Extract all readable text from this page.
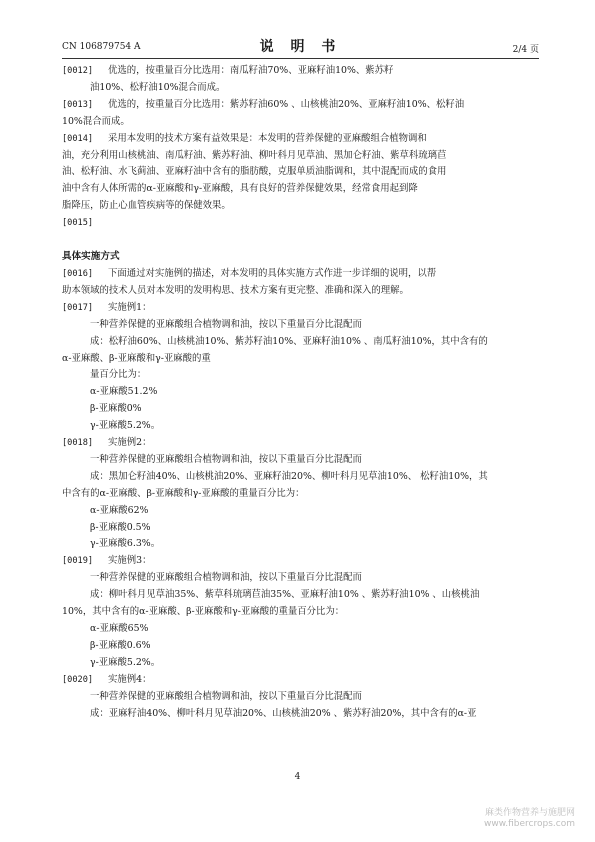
CN 106879754 A	说 明 书	2/4 页
[0012] 优选的，按重量百分比选用：南瓜籽油70%、亚麻籽油10%、紫苏籽
油10%、松籽油10%混合而成。
[0013] 优选的，按重量百分比选用：紫苏籽油60% 、山核桃油20%、亚麻籽油10%、松籽油
10%混合而成。
[0014] 采用本发明的技术方案有益效果是：本发明的营养保健的亚麻酸组合植物调和
油，充分利用山核桃油、南瓜籽油、紫苏籽油、柳叶科月见草油、黑加仑籽油、紫草科琉璃苣
油、松籽油、水飞蓟油、亚麻籽油中含有的脂肪酸，克服单质油脂调和，其中混配而成的食用
油中含有人体所需的α-亚麻酸和γ-亚麻酸，具有良好的营养保健效果，经常食用起到降
脂降压，防止心血管疾病等的保健效果。
[0015]
具体实施方式
[0016] 下面通过对实施例的描述，对本发明的具体实施方式作进一步详细的说明，以帮
助本领域的技术人员对本发明的发明构思、技术方案有更完整、准确和深入的理解。
[0017] 实施例1：
一种营养保健的亚麻酸组合植物调和油，按以下重量百分比混配而
成：松籽油60%、山核桃油10%、紫苏籽油10%、亚麻籽油10% 、南瓜籽油10%，其中含有的
α-亚麻酸、β-亚麻酸和γ-亚麻酸的重
量百分比为：
α-亚麻酸51.2%
β-亚麻酸0%
γ-亚麻酸5.2%。
[0018] 实施例2：
一种营养保健的亚麻酸组合植物调和油，按以下重量百分比混配而
成：黑加仑籽油40%、山核桃油20%、亚麻籽油20%、柳叶科月见草油10%、 松籽油10%，其
中含有的α-亚麻酸、β-亚麻酸和γ-亚麻酸的重量百分比为：
α-亚麻酸62%
β-亚麻酸0.5%
γ-亚麻酸6.3%。
[0019] 实施例3：
一种营养保健的亚麻酸组合植物调和油，按以下重量百分比混配而
成：柳叶科月见草油35%、紫草科琉璃苣油35%、亚麻籽油10% 、紫苏籽油10% 、山核桃油
10%，其中含有的α-亚麻酸、β-亚麻酸和γ-亚麻酸的重量百分比为：
α-亚麻酸65%
β-亚麻酸0.6%
γ-亚麻酸5.2%。
[0020] 实施例4：
一种营养保健的亚麻酸组合植物调和油，按以下重量百分比混配而
成：亚麻籽油40%、柳叶科月见草油20%、山核桃油20% 、紫苏籽油20%，其中含有的α-亚
4
麻类作物营养与施肥网
www.fibercrops.com
